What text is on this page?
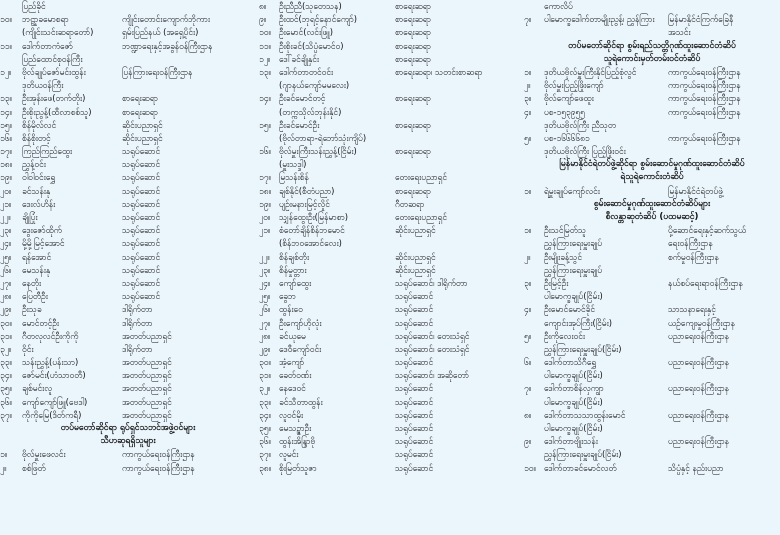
ပြည်ခိုင်
၁၀။	ဘဠ္ဍာခမောစရာ	ကျိုင်းတောင်းကျောက်ဘိုကား
(ကျိုင်းသင်းဆရာတော်)	ရှမ်းပြည်နယ် (အရှေ့ပိုင်း)
၁၁။	ဒေါက်တာကံဇော်	ဘဏ္ဍာရေးနှင့်အခွန်ဝန်ကြီးဌာန
ပြည်ထောင်စုဝန်ကြီး
၁၂။	ဗိုလ်ချုပ်ဇော်မင်းထွန်း	ပြန်ကြားရေးဝန်ကြီးဌာန
ဒုတိယဝန်ကြီး
၁၃။	ဦးအုန်းဖေ(တက်တိုး)	စာရေးဆရာ
၁၄။	ဦးစိုးညွန့်(ထီလာစစ်သူ)	စာရေးဆရာ
၁၅။	စိန်မိုလ်လင်	ဆိုင်းပညာရှင်
၁၆။	စိန်စိုးတင့်	ဆိုင်းပညာရှင်
၁၇။	ကြည်ကြည်ထွေး	သရုပ်ဆောင်
၁၈။	ညွှန့်ဝင်း	သရုပ်ဆောင်
၁၉။	ဝါဝါဝင်းရွှေ	သရုပ်ဆောင်
၂၀။	ခင်သန်းနု	သရုပ်ဆောင်
၂၁။	ဒေးလ်ဟိန်း	သရုပ်ဆောင်
၂၂။	ချိုပြုံး	သရုပ်ဆောင်
၂၃။	ဒွေးဇော်ထိုက်	သရုပ်ဆောင်
၂၄။	မို့မို့မြင့်အောင်	သရုပ်ဆောင်
၂၅။	ရန်အောင်	သရုပ်ဆောင်
၂၆။	မေသန်းနု	သရုပ်ဆောင်
၂၇။	နေတိုး	သရုပ်ဆောင်
၂၈။	ပြေတီဦး	သရုပ်ဆောင်
၂၉။	ဦးသုခ	ဒါရိုက်တာ
၃၀။	မောင်တင့်ဦး	ဒါရိုက်တာ
၃၁။	ဂီတလုလင်ဦးကိုကို	အတတ်ပညာရှင်
၃၂။	ဝိုင်း	ဒါရိုက်တာ
၃၃။	သန်းညွှန့်(ပန်းသာ)	အတတ်ပညာရှင်
၃၄။	ဇော်မင်း(ဟံသာဝတီ)	အတတ်ပညာရှင်
၃၅။	ချစ်မင်းလူ	အတတ်ပညာရှင်
၃၆။	ကျော်ကျော်ဖြူ(ဗေဒါ)	အတတ်ပညာရှင်
၃၇။	ကိုကိုမြေ(ဒိတ်ကရီ)	အတတ်ပညာရှင်
တပ်မတော်ဆိုင်ရာ ရုပ်ရှင်သဘင်အဖွဲ့ဝင်များ
သီဟဆုရရှိသူများ
၁။	ဗိုလ်မှူးဖေလင်း	ကာကွယ်ရေးဝန်ကြီးဌာန
၂။	စစ်ဖြတ်	ကာကွယ်ရေးဝန်ကြီးဌာန
၈။	ဦးညီညီ(သုတေသန)	စာရေးဆရာ
၉။	ဦးထင်(ဘုရင့်နောင်ကျော်)	စာရေးဆရာ
၁၀။ ဦးမောင်(လင်းဖြူ)	စာရေးဆရာ
၁၁။ ဦးစိုးခင်(သိပ္ပံမောင်ဝ)	စာရေးဆရာ
၁၂။	ဒေါ်ခင်ချိုနှင်း	စာရေးဆရာ
၁၃။ ဒေါက်တာတင်ဝင်း	စာရေးဆရာ၊ သတင်းစာဆရာ
(ဂျာနယ်ကျော်မမလေး)
၁၄။ ဦးခင်မောင်တင့်	စာရေးဆရာ
(တက္ကသိုလ်ဘုန်းနိုင်)
၁၅။ ဦးခင်မောင်ဦး	စာရေးဆရာ
(ဗိုလ်တာရာ-ရဲဘော်သုံးကျိပ်)
၁၆။ ဗိုလ်မှူးကြီးသန်းညွှန့်(ငြိမ်း)	စာရေးဆရာ
(မှူးသဒ္ဒါ)
၁၇။ မြသန်းစိန်	တေးရေးပညာရှင်
၁၈။ ချစ်နိုင်(စီတံပညာ)	စာရေးဆရာ
၁၉။ ပျဉ်းမနားမြင့်လှိုင်	ဂီတဆရာ
၂၀။	သျှန်ထွေးဦး(မြန်မာစာ)	တေးရေးပညာရှင်
၂၁။	စံတော်ချိန်စိန်ဘမောင်	ဆိုင်းပညာရှင်
(စိန်ဘဝအောင်လေး)
၂၂။	စိန်ချစ်တိုး	ဆိုင်းပညာရှင်
၂၃။	စိန်မှုတ္တား	ဆိုင်းပညာရှင်
၂၄။	ကျော်ထွေး	သရုပ်ဆောင်၊ ဒါရိုက်တာ
၂၅။	ခွေဘ	သရုပ်ဆောင်
၂၆။	ထွန်းဝေ	သရုပ်ဆောင်
၂၇။	ဦးကျော်ဟိုလုံး	သရုပ်ဆောင်
၂၈။	ခင်ယုမေ	သရုပ်ဆောင်၊ တေးသံရှင်
၂၉။	ဒေဝီကျော်ဝင်း	သရုပ်ဆောင်၊ တေးသံရှင်
၃၀။ အံ့ကျော်	သရုပ်ဆောင်
၃၁။ ခေတ်ဝဏ်း	သရုပ်ဆောင်၊ အဆိုတော်
၃၂။	နေဒေဝင်	သရုပ်ဆောင်
၃၃။ ခင်သီတာထွန်း	သရုပ်ဆောင်
၃၄။ လူဝင်မိုး	သရုပ်ဆောင်
၃၅။ မေသဉ္ဇာဦး	သရုပ်ဆောင်
၃၆။ ထွန်းအိန္ဒြာဗို	သရုပ်ဆောင်
၃၇။ လူမင်း	သရုပ်ဆောင်
၃၈။ စိုးမြတ်သူဇာ	သရုပ်ဆောင်
ကောလိပ်
၇။	ပါမောက္ခဒေါက်တာမျိုးညွန့်၊ ညွှန်ကြား	မြန်မာနိုင်ငံကြက်ခြေနီ
အသင်း
တပ်မတော်ဆိုင်ရာ စွမ်းရည်သတ္တိဂုဏ်ထူးဆောင်တံဆိပ်
သူရဲကောင်းမှတ်တမ်းဝင်တံဆိပ်
၁။	ဒုတိယဗိုလ်မှူးကြီးနိုင်ပြည့်စုံလွင်	ကာကွယ်ရေးဝန်ကြီးဌာန
၂။	ဗိုလ်မှူးပြည့်ဖြိုးကျော်	ကာကွယ်ရေးဝန်ကြီးဌာန
၃။	ဗိုလ်ကျော်ဖေထူး	ကာကွယ်ရေးဝန်ကြီးဌာန
၄။	ပစ-၁၅၃၉၅၅	ကာကွယ်ရေးဝန်ကြီးဌာန
ဒုတိယဗိုလ်ကြီး ညီသုတ
၅။	ပစ-၁၆၆၆၆၈၁	ကာကွယ်ရေးဝန်ကြီးဌာန
ဒုတိယဗိုလ်ကြီး ပြည့်ဖြိုးဝင်း
မြန်မာနိုင်ငံရဲတပ်ဖွဲ့ဆိုင်ရာ စွမ်းဆောင်မှုဂုဏ်ထူးဆောင်တံဆိပ်
ရဲသူရဲကောင်းတံဆိပ်
၁။	ရဲမှူးချုပ်ကျော်လင်း	မြန်မာနိုင်ငံရဲတပ်ဖွဲ့
စွမ်းဆောင်မှုဂုဏ်ထူးဆောင်တံဆိပ်များ
စီလန္တာဆုတံဆိပ် (ပထမဆင့်)
၁။	ဦးသင်မြတ်သူ	ပို့ဆောင်ရေးနှင့်ဆက်သွယ်
ညွှန်ကြားရေးမှူးချုပ်	ရေးဝန်ကြီးဌာန
၂။	ဦးမျိုးခန့်သွင်	စက်မှုဝန်ကြီးဌာန
ညွှန်ကြားရေးမှူးချုပ်
၃။	ဦးမြင့်ဦး	နယ်စပ်ရေးရာဝန်ကြီးဌာန
ပါမောက္ခချုပ်(ငြိမ်း)
၄။	ဦးမောင်မောင်ခိုင်	သာသနာရေးနှင့်
ကျောင်းအုပ်ကြီး(ငြိမ်း)	ယဉ်ကျေးမှုဝန်ကြီးဌာန
၅။	ဦးကိုလေးဝင်း	ပညာရေးဝန်ကြီးဌာန
ညွှန်ကြားရေးမှူးချုပ်(ငြိမ်း)
၆။	ဒေါက်တာသိဂီရွှေ	ပညာရေးဝန်ကြီးဌာန
ပါမောက္ခချုပ်(ငြိမ်း)
၇။	ဒေါက်တာစိန်လှကျွာ	ပညာရေးဝန်ကြီးဌာန
ပါမောက္ခချုပ်(ငြိမ်း)
၈။	ဒေါက်တာသသာထွန်းမောင်	ပညာရေးဝန်ကြီးဌာန
ပါမောက္ခချုပ်(ငြိမ်း)
၉။	ဒေါက်တာဗျိုးသန်း	ပညာရေးဝန်ကြီးဌာန
ညွှန်ကြားရေးမှူးချုပ်(ငြိမ်း)
၁၀။ ဒေါက်တာခင်မောင်လတ်	သိပ္ပံနှင့် နည်းပညာ
